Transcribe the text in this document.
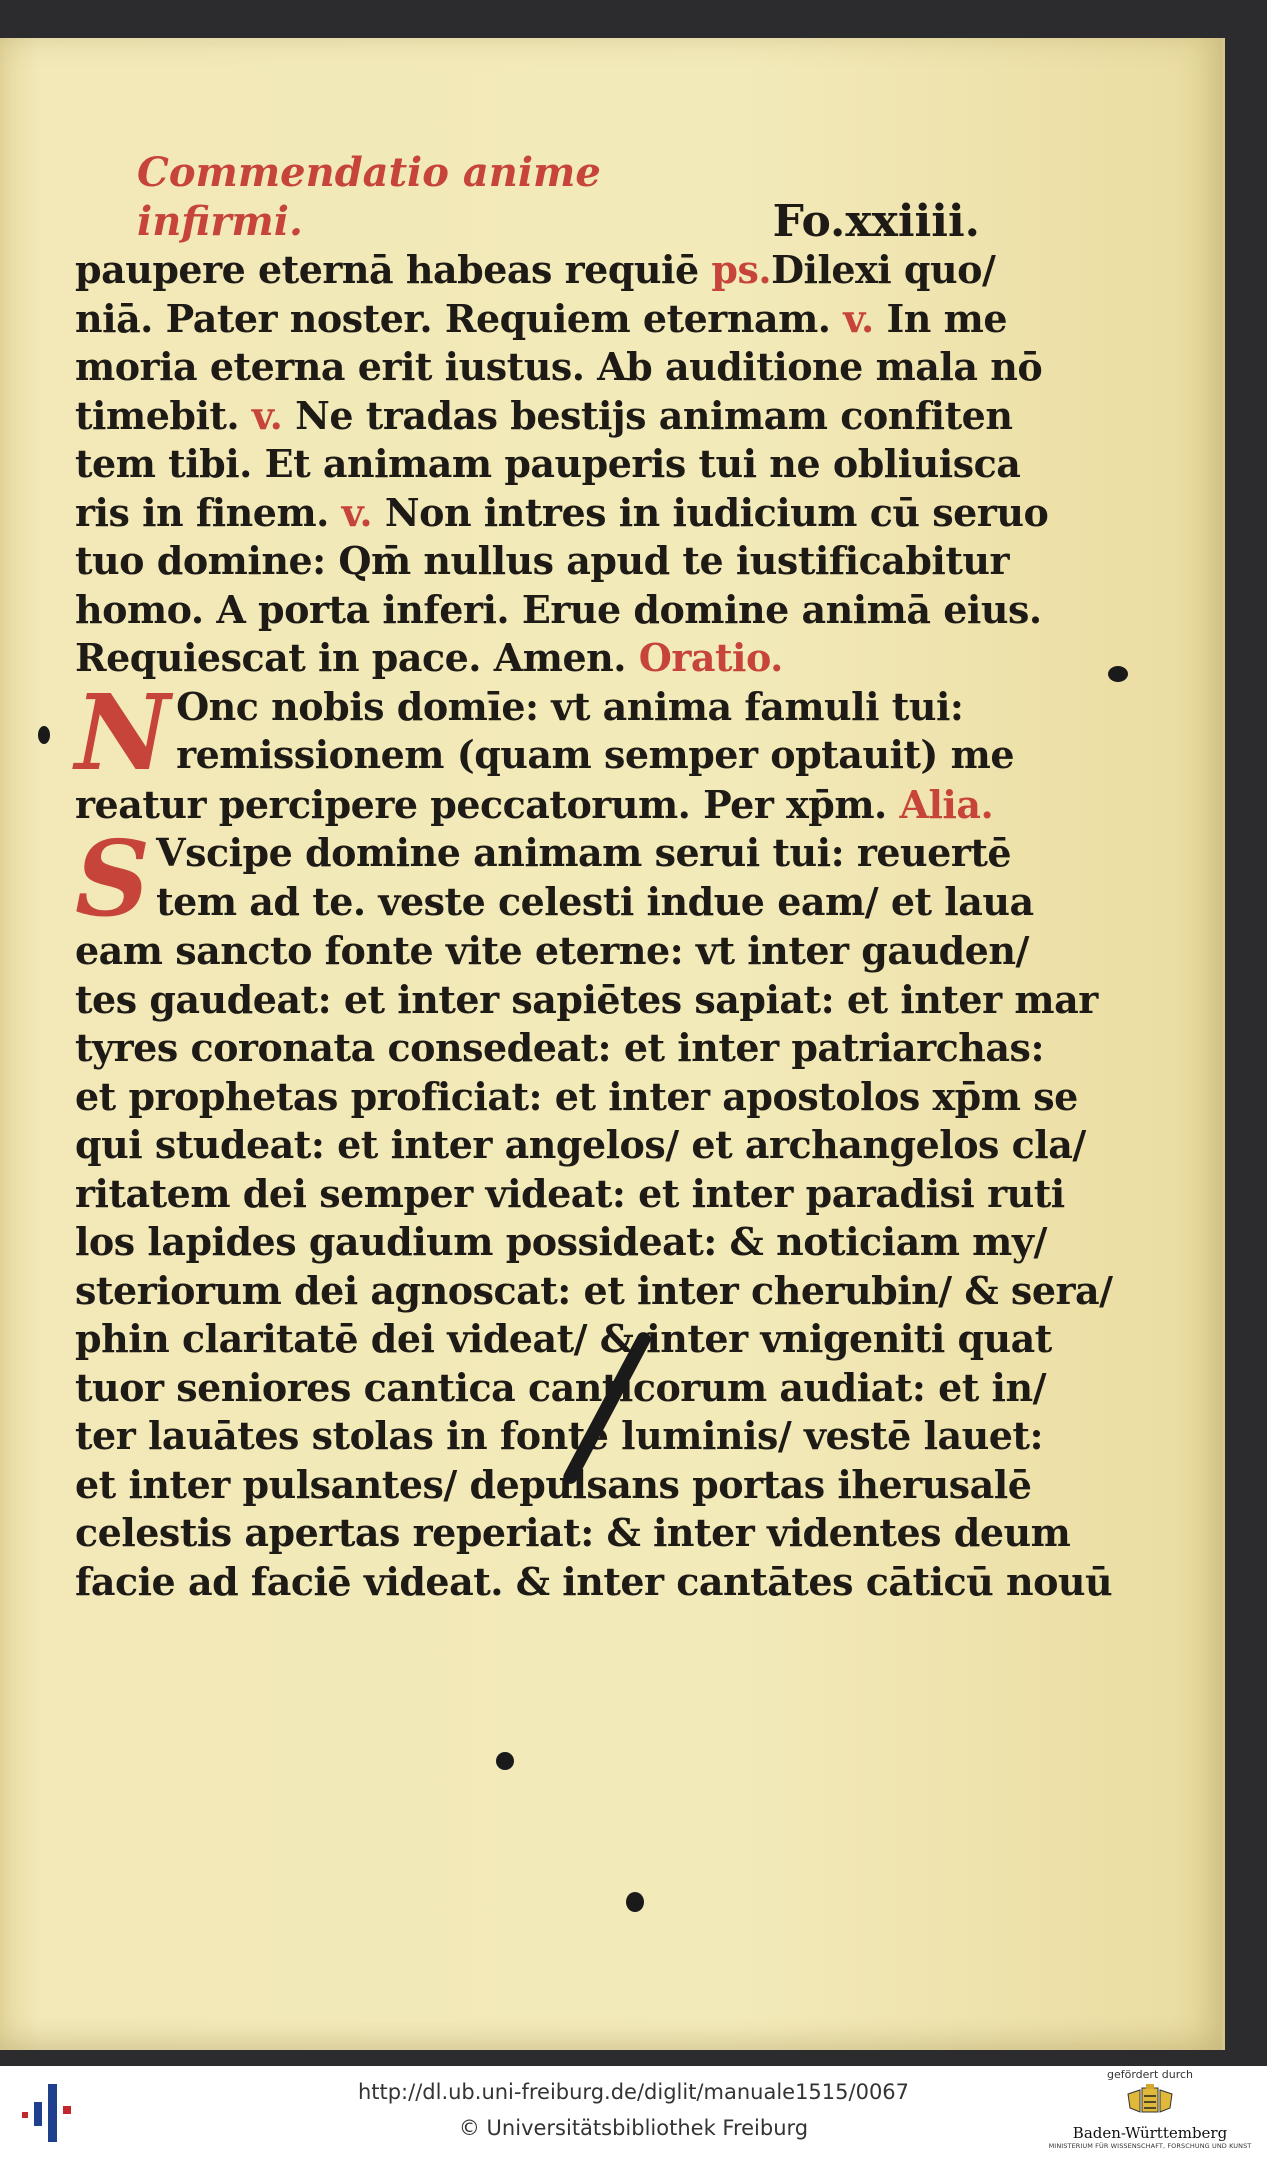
Commendatio anime infirmi.	Fo.xxiiii.
paupere eternā habeas requiē ps.Dilexi quo/
niā. Pater noster. Requiem eternam. v. In me
moria eterna erit iustus. Ab auditione mala nō
timebit. v. Ne tradas bestijs animam confiten
tem tibi. Et animam pauperis tui ne obliuisca
ris in finem. v. Non intres in iudicium cū seruo
tuo domine: Qm̄ nullus apud te iustificabitur
homo. A porta inferi. Erue domine animā eius.
Requiescat in pace. Amen. Oratio.
N Onc nobis domīe: vt anima famuli tui:
remissionem (quam semper optauit) me
reatur percipere peccatorum. Per xp̄m. Alia.
S Vscipe domine animam serui tui: reuertē
tem ad te. veste celesti indue eam/ et laua
eam sancto fonte vite eterne: vt inter gauden/
tes gaudeat: et inter sapiētes sapiat: et inter mar
tyres coronata consedeat: et inter patriarchas:
et prophetas proficiat: et inter apostolos xp̄m se
qui studeat: et inter angelos/ et archangelos cla/
ritatem dei semper videat: et inter paradisi ruti
los lapides gaudium possideat: & noticiam my/
steriorum dei agnoscat: et inter cherubin/ & sera/
phin claritatē dei videat/ & inter vnigeniti quat
tuor seniores cantica canticorum audiat: et in/
ter lauātes stolas in fonte luminis/ vestē lauet:
et inter pulsantes/ depulsans portas iherusalē
celestis apertas reperiat: & inter videntes deum
facie ad faciē videat. & inter cantātes cāticū nouū
http://dl.ub.uni-freiburg.de/diglit/manuale1515/0067
© Universitätsbibliothek Freiburg
gefördert durch
Baden-Württemberg
MINISTERIUM FÜR WISSENSCHAFT, FORSCHUNG UND KUNST
